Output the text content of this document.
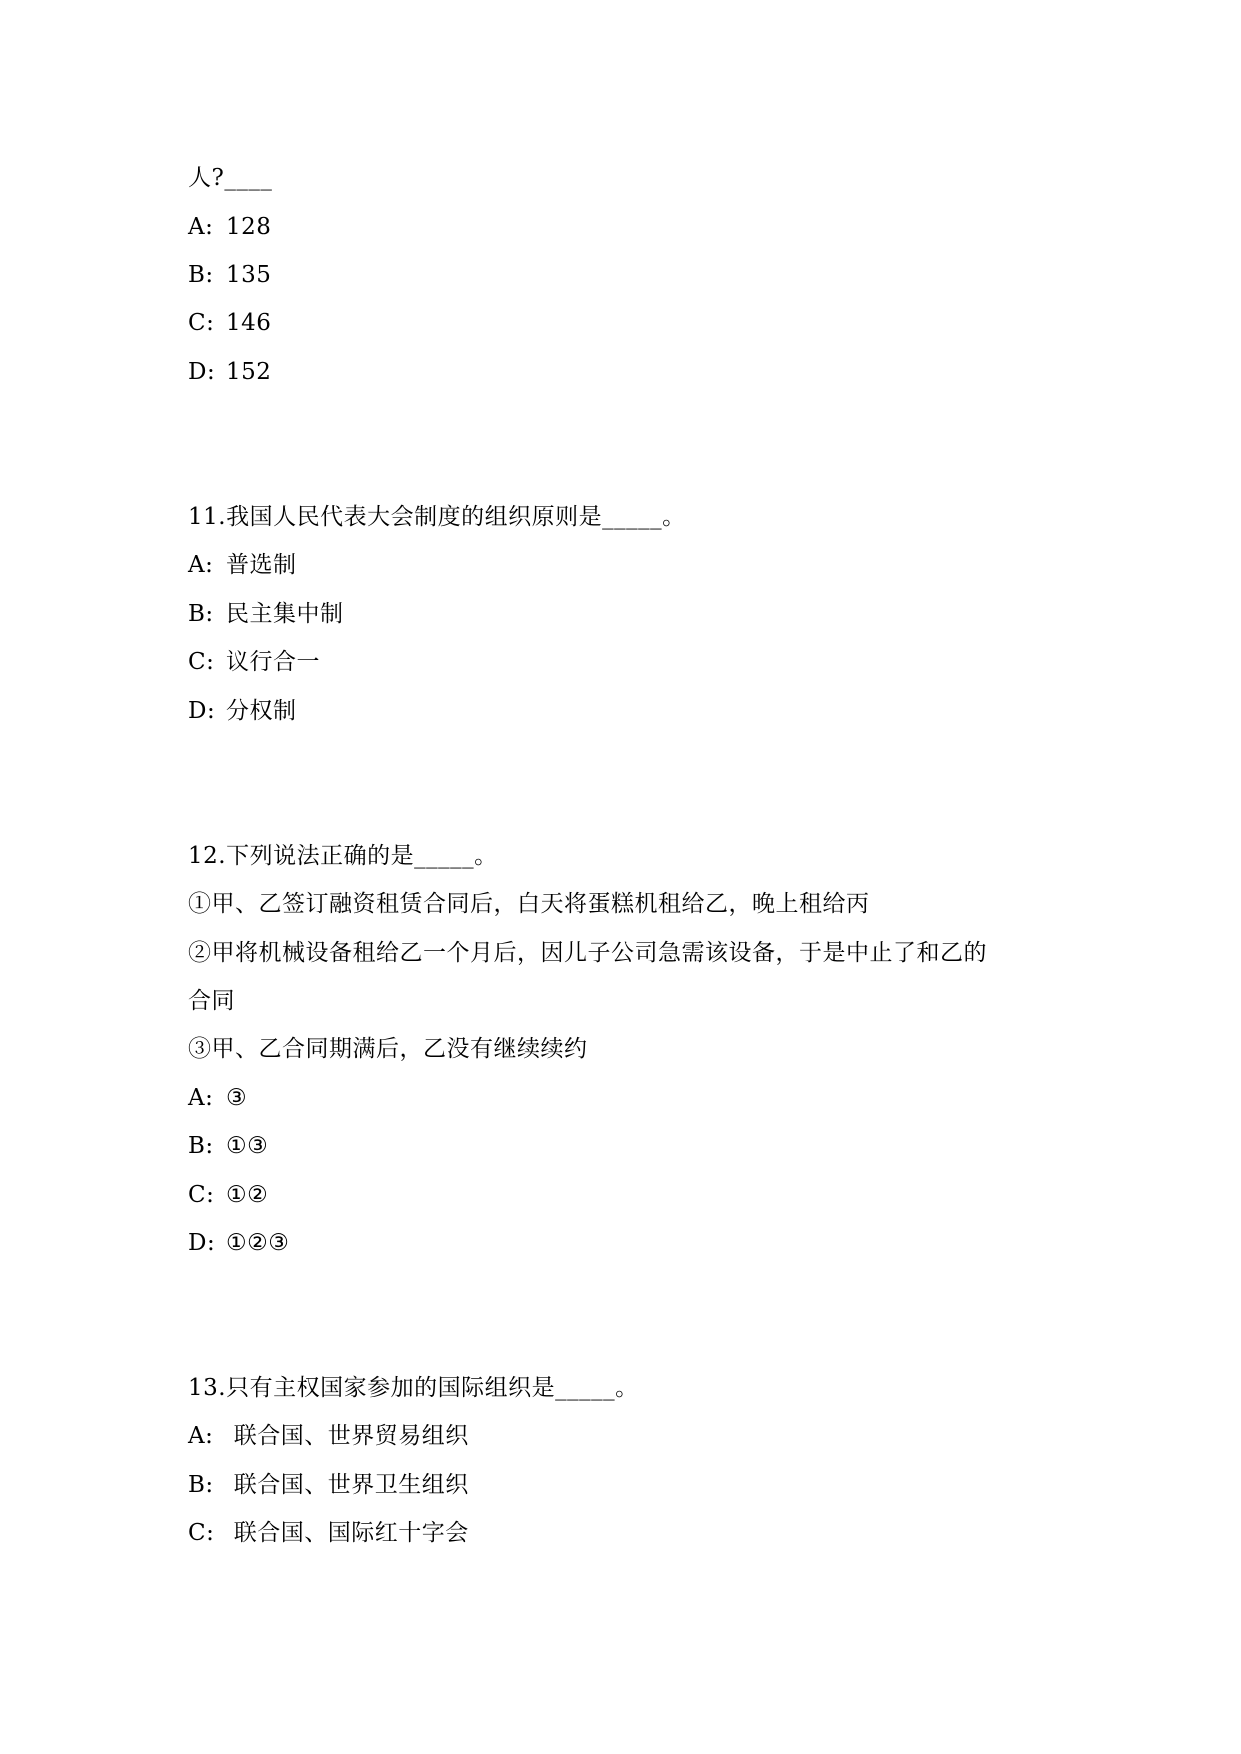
人?____
A: 128
B: 135
C: 146
D: 152
11.我国人民代表大会制度的组织原则是_____。
A: 普选制
B: 民主集中制
C: 议行合一
D: 分权制
12.下列说法正确的是_____。
①甲、乙签订融资租赁合同后，白天将蛋糕机租给乙，晚上租给丙
②甲将机械设备租给乙一个月后，因儿子公司急需该设备，于是中止了和乙的
合同
③甲、乙合同期满后，乙没有继续续约
A: ③
B: ①③
C: ①②
D: ①②③
13.只有主权国家参加的国际组织是_____。
A: 联合国、世界贸易组织
B: 联合国、世界卫生组织
C: 联合国、国际红十字会
